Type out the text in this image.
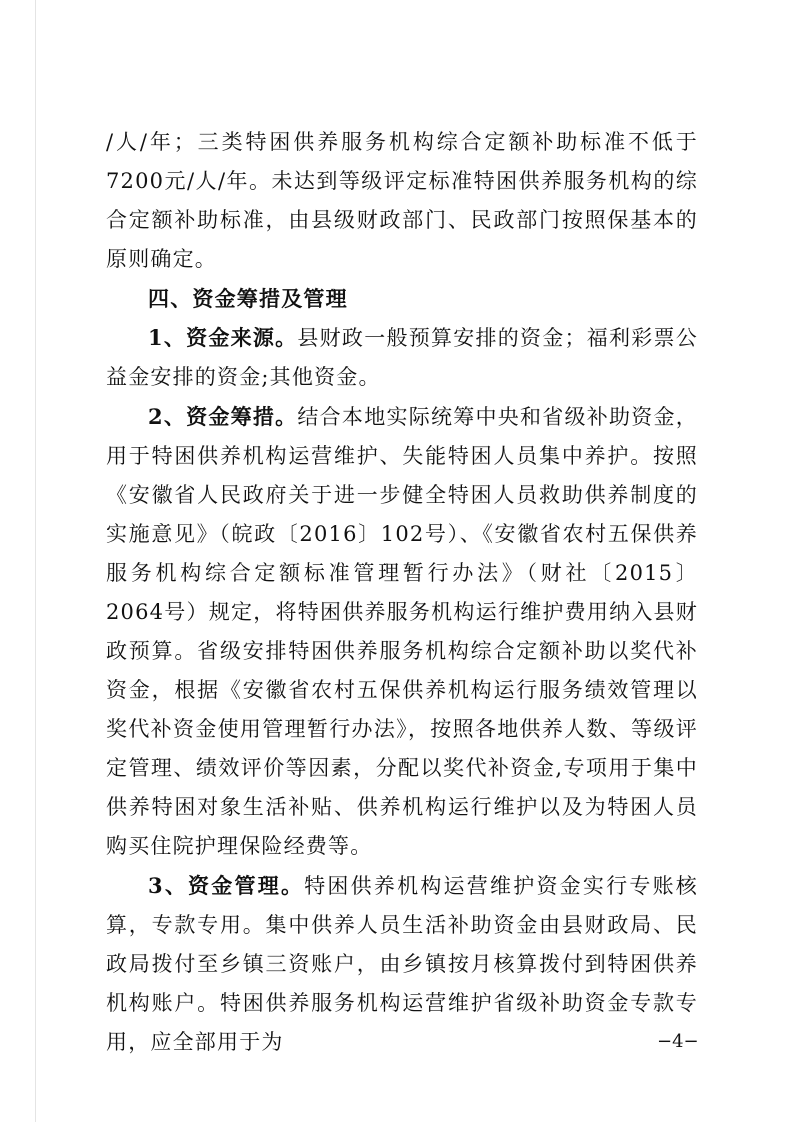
/人/年；三类特困供养服务机构综合定额补助标准不低于7200元/人/年。未达到等级评定标准特困供养服务机构的综合定额补助标准，由县级财政部门、民政部门按照保基本的原则确定。

四、资金筹措及管理

1、资金来源。县财政一般预算安排的资金；福利彩票公益金安排的资金;其他资金。

2、资金筹措。结合本地实际统筹中央和省级补助资金，用于特困供养机构运营维护、失能特困人员集中养护。按照《安徽省人民政府关于进一步健全特困人员救助供养制度的实施意见》（皖政〔2016〕102号）、《安徽省农村五保供养服务机构综合定额标准管理暂行办法》（财社〔2015〕2064号）规定，将特困供养服务机构运行维护费用纳入县财政预算。省级安排特困供养服务机构综合定额补助以奖代补资金，根据《安徽省农村五保供养机构运行服务绩效管理以奖代补资金使用管理暂行办法》，按照各地供养人数、等级评定管理、绩效评价等因素，分配以奖代补资金,专项用于集中供养特困对象生活补贴、供养机构运行维护以及为特困人员购买住院护理保险经费等。

3、资金管理。特困供养机构运营维护资金实行专账核算，专款专用。集中供养人员生活补助资金由县财政局、民政局拨付至乡镇三资账户，由乡镇按月核算拨付到特困供养机构账户。特困供养服务机构运营维护省级补助资金专款专用，应全部用于为	−4−
